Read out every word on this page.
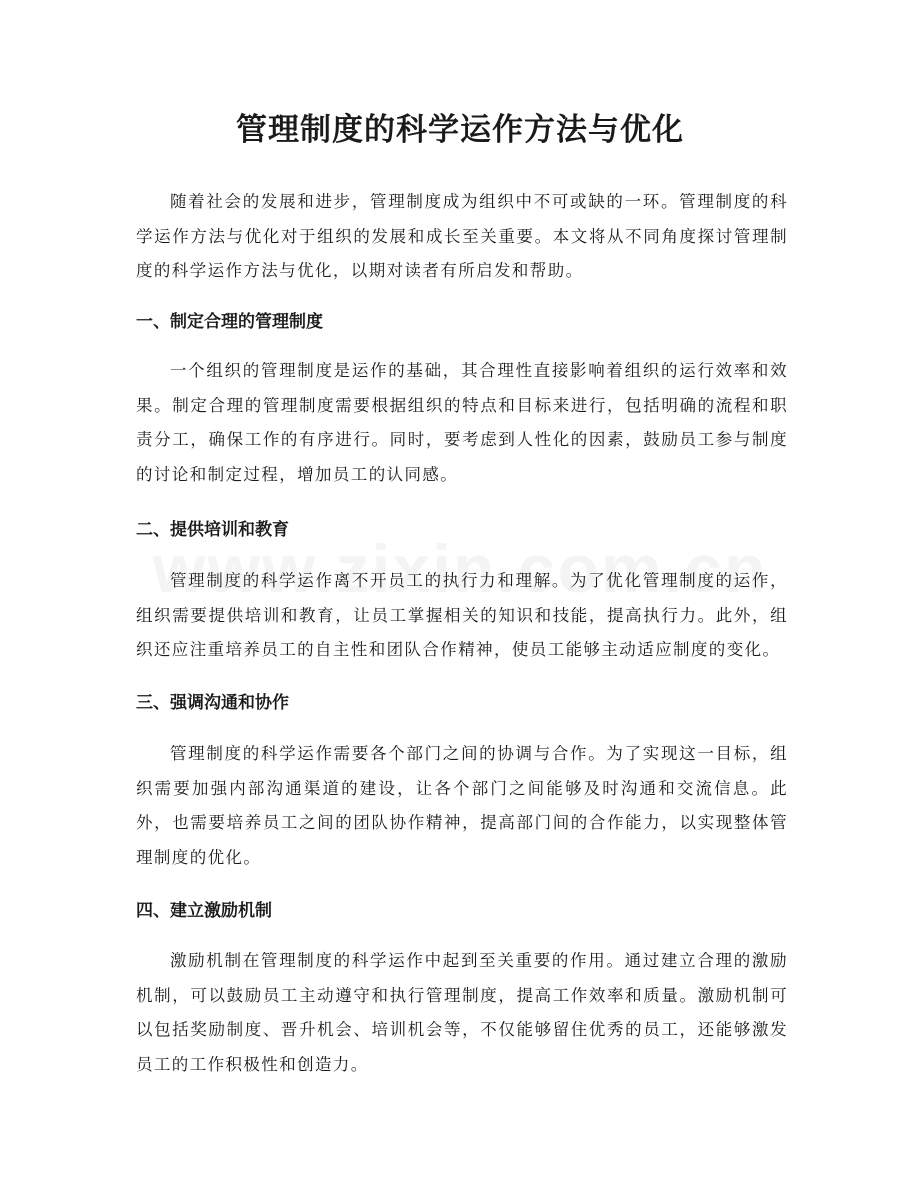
管理制度的科学运作方法与优化

随着社会的发展和进步，管理制度成为组织中不可或缺的一环。管理制度的科学运作方法与优化对于组织的发展和成长至关重要。本文将从不同角度探讨管理制度的科学运作方法与优化，以期对读者有所启发和帮助。

一、制定合理的管理制度

一个组织的管理制度是运作的基础，其合理性直接影响着组织的运行效率和效果。制定合理的管理制度需要根据组织的特点和目标来进行，包括明确的流程和职责分工，确保工作的有序进行。同时，要考虑到人性化的因素，鼓励员工参与制度的讨论和制定过程，增加员工的认同感。

二、提供培训和教育

管理制度的科学运作离不开员工的执行力和理解。为了优化管理制度的运作，组织需要提供培训和教育，让员工掌握相关的知识和技能，提高执行力。此外，组织还应注重培养员工的自主性和团队合作精神，使员工能够主动适应制度的变化。

三、强调沟通和协作

管理制度的科学运作需要各个部门之间的协调与合作。为了实现这一目标，组织需要加强内部沟通渠道的建设，让各个部门之间能够及时沟通和交流信息。此外，也需要培养员工之间的团队协作精神，提高部门间的合作能力，以实现整体管理制度的优化。

四、建立激励机制

激励机制在管理制度的科学运作中起到至关重要的作用。通过建立合理的激励机制，可以鼓励员工主动遵守和执行管理制度，提高工作效率和质量。激励机制可以包括奖励制度、晋升机会、培训机会等，不仅能够留住优秀的员工，还能够激发员工的工作积极性和创造力。
